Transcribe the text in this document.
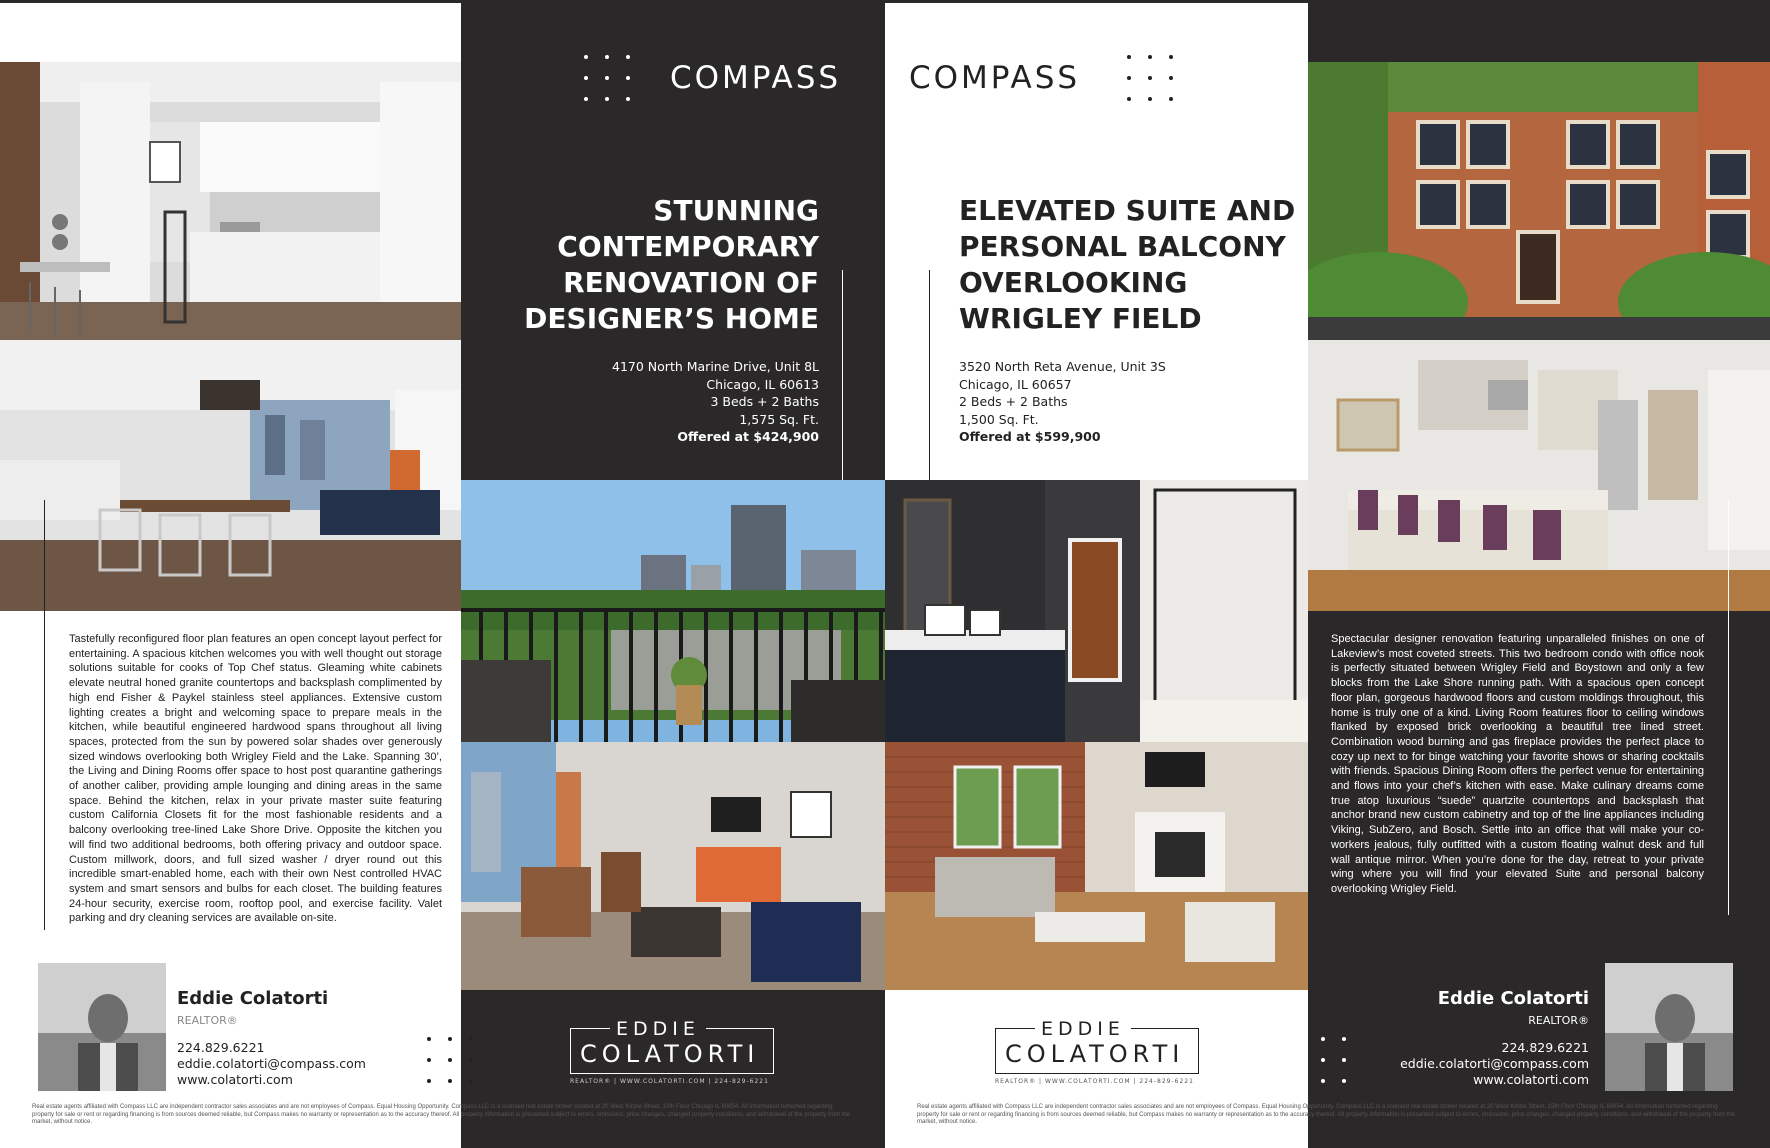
COMPASS COMPASS
STUNNING
CONTEMPORARY
RENOVATION OF
DESIGNER’S HOME
4170 North Marine Drive, Unit 8L
Chicago, IL 60613
3 Beds + 2 Baths
1,575 Sq. Ft.
Offered at $424,900
ELEVATED SUITE AND
PERSONAL BALCONY
OVERLOOKING
WRIGLEY FIELD
3520 North Reta Avenue, Unit 3S
Chicago, IL 60657
2 Beds + 2 Baths
1,500 Sq. Ft.
Offered at $599,900
Tastefully reconfigured floor plan features an open concept layout perfect for entertaining. A spacious kitchen welcomes you with well thought out storage solutions suitable for cooks of Top Chef status. Gleaming white cabinets elevate neutral honed granite countertops and backsplash complimented by high end Fisher & Paykel stainless steel appliances. Extensive custom lighting creates a bright and welcoming space to prepare meals in the kitchen, while beautiful engineered hardwood spans throughout all living spaces, protected from the sun by powered solar shades over generously sized windows overlooking both Wrigley Field and the Lake. Spanning 30’, the Living and Dining Rooms offer space to host post quarantine gatherings of another caliber, providing ample lounging and dining areas in the same space. Behind the kitchen, relax in your private master suite featuring custom California Closets fit for the most fashionable residents and a balcony overlooking tree-lined Lake Shore Drive. Opposite the kitchen you will find two additional bedrooms, both offering privacy and outdoor space. Custom millwork, doors, and full sized washer / dryer round out this incredible smart-enabled home, each with their own Nest controlled HVAC system and smart sensors and bulbs for each closet. The building features 24-hour security, exercise room, rooftop pool, and exercise facility. Valet parking and dry cleaning services are available on-site.
Spectacular designer renovation featuring unparalleled finishes on one of Lakeview’s most coveted streets. This two bedroom condo with office nook is perfectly situated between Wrigley Field and Boystown and only a few blocks from the Lake Shore running path. With a spacious open concept floor plan, gorgeous hardwood floors and custom moldings throughout, this home is truly one of a kind. Living Room features floor to ceiling windows flanked by exposed brick overlooking a beautiful tree lined street. Combination wood burning and gas fireplace provides the perfect place to cozy up next to for binge watching your favorite shows or sharing cocktails with friends. Spacious Dining Room offers the perfect venue for entertaining and flows into your chef’s kitchen with ease. Make culinary dreams come true atop luxurious “suede” quartzite countertops and backsplash that anchor brand new custom cabinetry and top of the line appliances including Viking, SubZero, and Bosch. Settle into an office that will make your co-workers jealous, fully outfitted with a custom floating walnut desk and full wall antique mirror. When you’re done for the day, retreat to your private wing where you will find your elevated Suite and personal balcony overlooking Wrigley Field.
Eddie Colatorti
REALTOR®
224.829.6221
eddie.colatorti@compass.com
www.colatorti.com
Eddie Colatorti
REALTOR®
224.829.6221
eddie.colatorti@compass.com
www.colatorti.com
EDDIE
COLATORTI
REALTOR® | WWW.COLATORTI.COM | 224-829-6221
EDDIE
COLATORTI
REALTOR® | WWW.COLATORTI.COM | 224-829-6221
Real estate agents affiliated with Compass LLC are independent contractor sales associates and are not employees of Compass. Equal Housing Opportunity. Compass LLC is a licensed real estate broker located at 20 West Kinzie Street, 15th Floor Chicago IL 60654. All information furnished regarding property for sale or rent or regarding financing is from sources deemed reliable, but Compass makes no warranty or representation as to the accuracy thereof. All property information is presented subject to errors, omissions, price changes, changed property conditions, and withdrawal of the property from the market, without notice.
Real estate agents affiliated with Compass LLC are independent contractor sales associates and are not employees of Compass. Equal Housing Opportunity. Compass LLC is a licensed real estate broker located at 20 West Kinzie Street, 15th Floor Chicago IL 60654. All information furnished regarding property for sale or rent or regarding financing is from sources deemed reliable, but Compass makes no warranty or representation as to the accuracy thereof. All property information is presented subject to errors, omissions, price changes, changed property conditions, and withdrawal of the property from the market, without notice.
